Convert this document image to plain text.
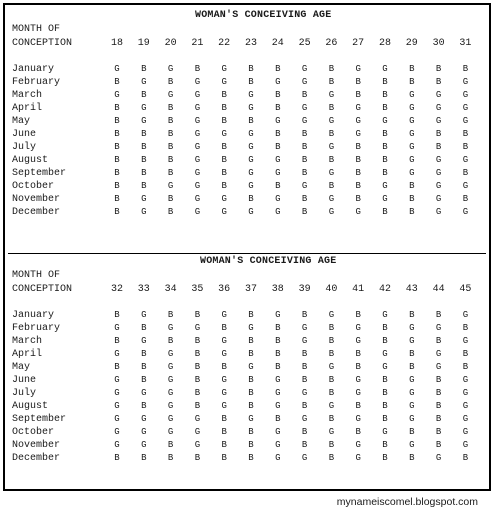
WOMAN'S CONCEIVING AGE
MONTH OF
CONCEPTION	18	19	20	21	22	23	24	25	26	27	28	29	30	31
January	G	B	G	B	G	B	B	G	B	G	G	B	B	B
February	B	G	B	G	G	B	G	G	B	B	B	B	B	G
March	G	B	G	G	B	G	B	B	G	B	B	G	G	G
April	B	G	B	G	B	G	B	G	B	G	B	G	G	G
May	B	G	B	G	B	B	G	G	G	G	G	G	G	G
June	B	B	B	G	G	G	B	B	B	G	B	G	B	B
July	B	B	B	G	B	G	B	B	G	B	B	G	B	B
August	B	B	B	G	B	G	G	B	B	B	B	G	G	G
September	B	B	B	G	B	G	G	B	G	B	B	G	G	B
October	B	B	G	G	B	G	B	G	B	B	G	B	G	G
November	B	G	B	G	G	B	G	B	G	B	G	B	G	B
December	B	G	B	G	G	G	G	B	G	G	B	B	G	G
WOMAN'S CONCEIVING AGE
MONTH OF
CONCEPTION	32	33	34	35	36	37	38	39	40	41	42	43	44	45
January	B	G	B	B	G	B	G	B	G	B	G	B	B	G
February	G	B	G	G	B	G	B	G	B	G	B	G	G	B
March	B	G	B	B	G	B	B	G	B	G	B	G	B	G
April	G	B	G	B	G	B	B	B	B	B	G	B	G	B
May	B	B	G	B	B	G	B	B	G	B	G	B	G	B
June	G	B	G	B	G	B	G	B	B	G	B	G	B	G
July	G	G	G	B	G	B	G	G	B	G	B	G	B	G
August	G	B	G	B	G	B	G	B	G	B	B	G	B	G
September	G	G	G	G	B	G	B	G	B	G	B	G	B	G
October	G	G	G	G	B	B	G	B	G	B	G	B	B	G
November	G	G	B	G	B	B	G	B	B	G	B	G	B	G
December	B	B	B	B	B	B	G	G	B	G	B	B	G	B
mynameiscomel.blogspot.com
